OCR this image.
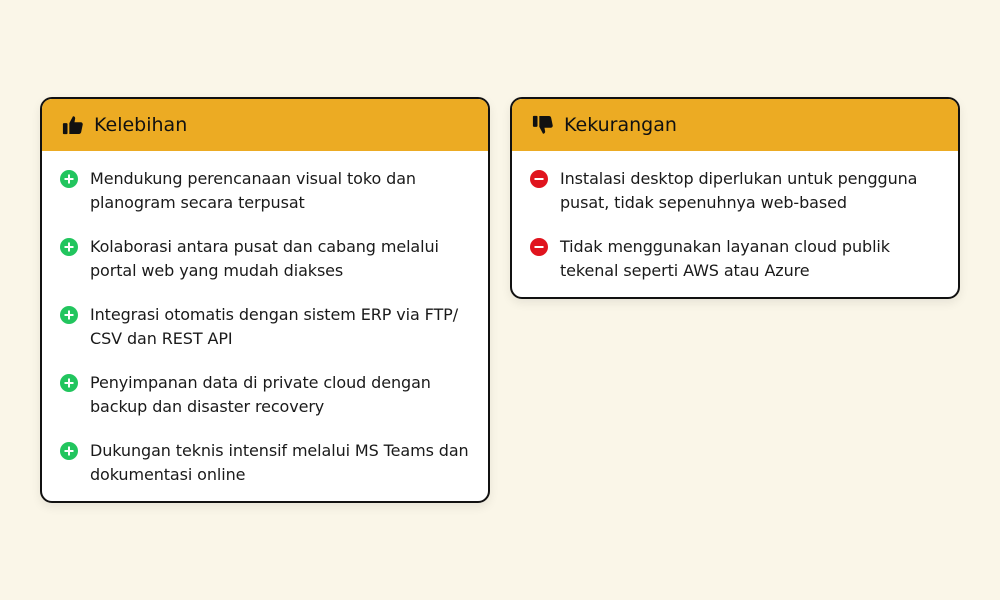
Kelebihan
Mendukung perencanaan visual toko dan planogram secara terpusat
Kolaborasi antara pusat dan cabang melalui portal web yang mudah diakses
Integrasi otomatis dengan sistem ERP via FTP/ CSV dan REST API
Penyimpanan data di private cloud dengan backup dan disaster recovery
Dukungan teknis intensif melalui MS Teams dan dokumentasi online
Kekurangan
Instalasi desktop diperlukan untuk pengguna pusat, tidak sepenuhnya web-based
Tidak menggunakan layanan cloud publik tekenal seperti AWS atau Azure
